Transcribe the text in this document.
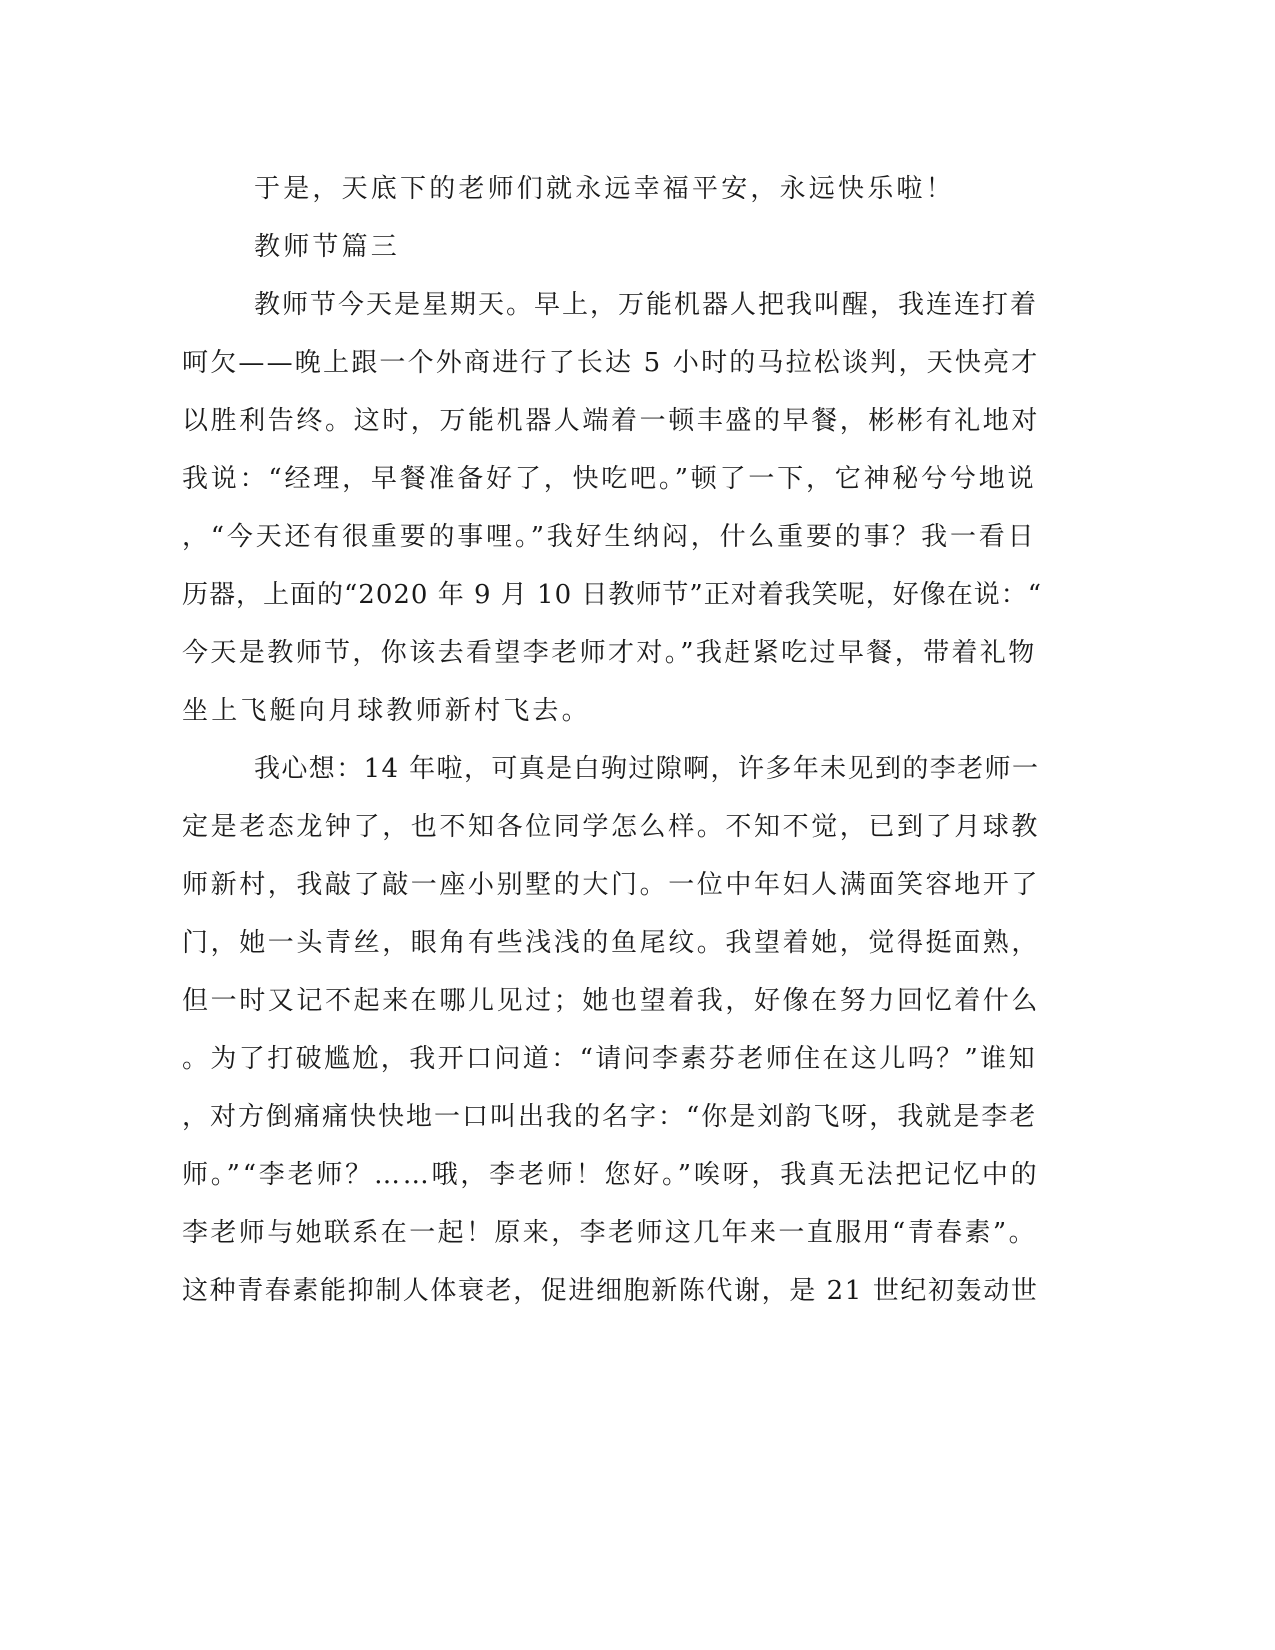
于是，天底下的老师们就永远幸福平安，永远快乐啦！
教师节篇三
教师节今天是星期天。早上，万能机器人把我叫醒，我连连打着
呵欠——晚上跟一个外商进行了长达 5 小时的马拉松谈判，天快亮才
以胜利告终。这时，万能机器人端着一顿丰盛的早餐，彬彬有礼地对
我说：“经理，早餐准备好了，快吃吧。”顿了一下，它神秘兮兮地说
，“今天还有很重要的事哩。”我好生纳闷，什么重要的事？我一看日
历器，上面的“2020 年 9 月 10 日教师节”正对着我笑呢，好像在说：“
今天是教师节，你该去看望李老师才对。”我赶紧吃过早餐，带着礼物
坐上飞艇向月球教师新村飞去。
我心想：14 年啦，可真是白驹过隙啊，许多年未见到的李老师一
定是老态龙钟了，也不知各位同学怎么样。不知不觉，已到了月球教
师新村，我敲了敲一座小别墅的大门。一位中年妇人满面笑容地开了
门，她一头青丝，眼角有些浅浅的鱼尾纹。我望着她，觉得挺面熟，
但一时又记不起来在哪儿见过；她也望着我，好像在努力回忆着什么
。为了打破尴尬，我开口问道：“请问李素芬老师住在这儿吗？”谁知
，对方倒痛痛快快地一口叫出我的名字：“你是刘韵飞呀，我就是李老
师。”“李老师？……哦，李老师！您好。”唉呀，我真无法把记忆中的
李老师与她联系在一起！原来，李老师这几年来一直服用“青春素”。
这种青春素能抑制人体衰老，促进细胞新陈代谢，是 21 世纪初轰动世
